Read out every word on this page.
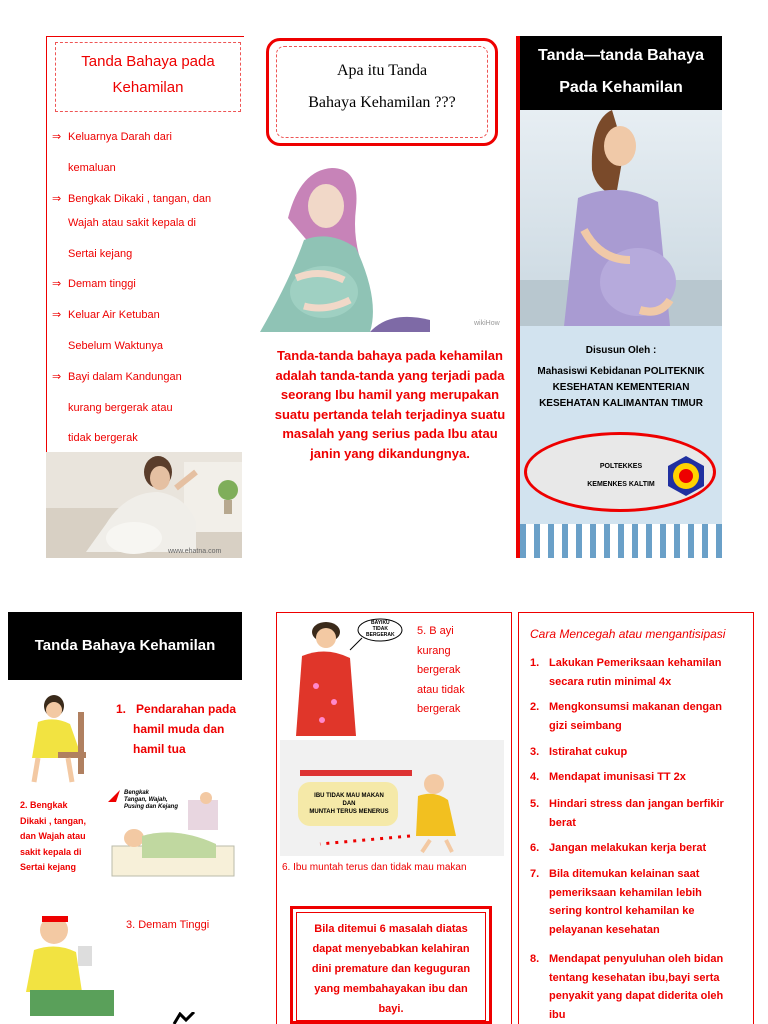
Tanda Bahaya pada
Kehamilan
⇒ Keluarnya Darah dari
kemaluan
⇒ Bengkak Dikaki , tangan, dan
Wajah atau sakit kepala di
Sertai kejang
⇒ Demam tinggi
⇒ Keluar Air Ketuban
Sebelum Waktunya
⇒ Bayi dalam Kandungan
kurang bergerak atau
tidak bergerak
www.ehatna.com
Apa itu Tanda
Bahaya Kehamilan ???
wikiHow
Tanda-tanda bahaya pada kehamilan adalah tanda-tanda yang terjadi pada seorang Ibu hamil yang merupakan suatu pertanda telah terjadinya suatu masalah yang serius pada Ibu atau janin yang dikandungnya.
Tanda—tanda Bahaya
Pada Kehamilan
Disusun Oleh :
Mahasiswi Kebidanan POLITEKNIK
KESEHATAN KEMENTERIAN
KESEHATAN KALIMANTAN TIMUR
POLTEKKES
KEMENKES KALTIM
Tanda Bahaya Kehamilan
1. Pendarahan pada
hamil muda dan
hamil tua
2. Bengkak
Dikaki , tangan,
dan Wajah atau
sakit kepala di
Sertai kejang
Bengkak
Tangan, Wajah,
Pusing dan Kejang
3. Demam Tinggi
BAYIKU
TIDAK
BERGERAK 5. B ayi
kurang
bergerak
atau tidak
bergerak
IBU TIDAK MAU MAKAN
DAN
MUNTAH TERUS MENERUS
6. Ibu muntah terus dan tidak mau makan
Bila ditemui 6 masalah diatas
dapat menyebabkan kelahiran
dini premature dan keguguran
yang membahayakan ibu dan
bayi.
Cara Mencegah atau mengantisipasi
1. Lakukan Pemeriksaan kehamilan
secara rutin minimal 4x
2. Mengkonsumsi makanan dengan
gizi seimbang
3. Istirahat cukup
4. Mendapat imunisasi TT 2x
5. Hindari stress dan jangan berfikir
berat
6. Jangan melakukan kerja berat
7. Bila ditemukan kelainan saat
pemeriksaan kehamilan lebih
sering kontrol kehamilan ke
pelayanan kesehatan
8. Mendapat penyuluhan oleh bidan
tentang kesehatan ibu,bayi serta
penyakit yang dapat diderita oleh
ibu
